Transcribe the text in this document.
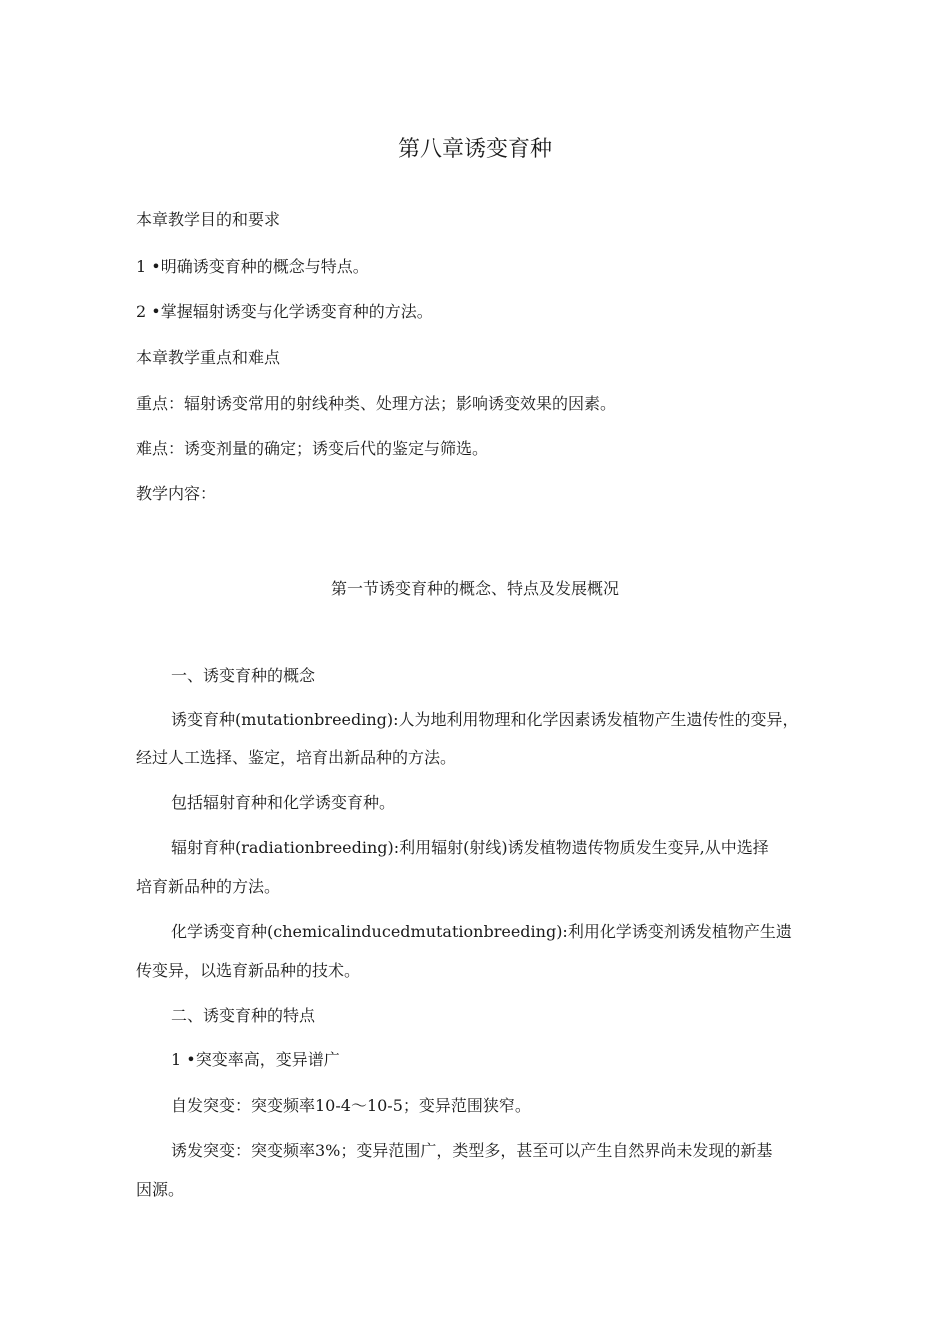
第八章诱变育种
本章教学目的和要求
1 •明确诱变育种的概念与特点。
2 •掌握辐射诱变与化学诱变育种的方法。
本章教学重点和难点
重点：辐射诱变常用的射线种类、处理方法；影响诱变效果的因素。
难点：诱变剂量的确定；诱变后代的鉴定与筛选。
教学内容：
第一节诱变育种的概念、特点及发展概况
一、诱变育种的概念
诱变育种(mutationbreeding):人为地利用物理和化学因素诱发植物产生遗传性的变异，
经过人工选择、鉴定，培育出新品种的方法。
包括辐射育种和化学诱变育种。
辐射育种(radiationbreeding):利用辐射(射线)诱发植物遗传物质发生变异,从中选择
培育新品种的方法。
化学诱变育种(chemicalinducedmutationbreeding):利用化学诱变剂诱发植物产生遗
传变异，以选育新品种的技术。
二、诱变育种的特点
1 •突变率高，变异谱广
自发突变：突变频率10-4〜10-5；变异范围狭窄。
诱发突变：突变频率3%；变异范围广，类型多，甚至可以产生自然界尚未发现的新基
因源。
